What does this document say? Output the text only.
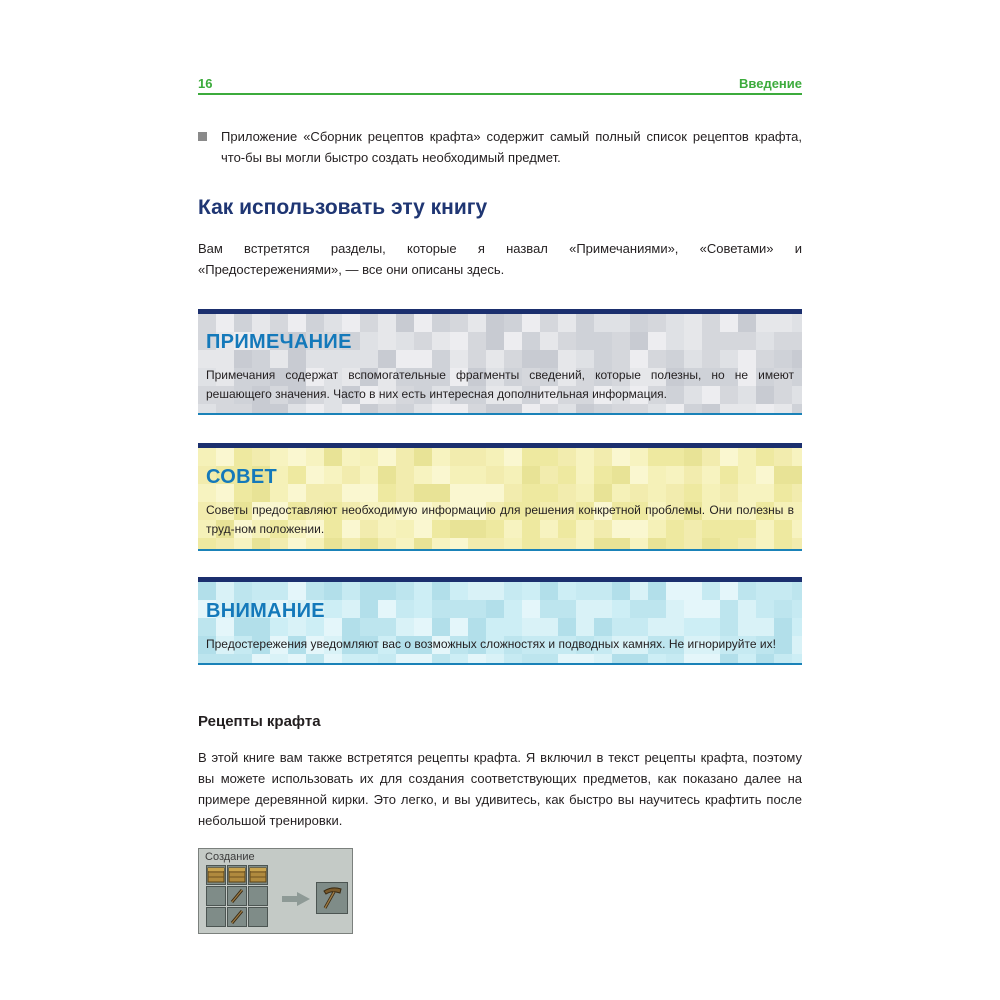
16	Введение
Приложение «Сборник рецептов крафта» содержит самый полный список рецептов крафта, что-бы вы могли быстро создать необходимый предмет.
Как использовать эту книгу
Вам встретятся разделы, которые я назвал «Примечаниями», «Советами» и «Предостережениями», — все они описаны здесь.
ПРИМЕЧАНИЕ
Примечания содержат вспомогательные фрагменты сведений, которые полезны, но не имеют решающего значения. Часто в них есть интересная дополнительная информация.
СОВЕТ
Советы предоставляют необходимую информацию для решения конкретной проблемы. Они полезны в труд-ном положении.
ВНИМАНИЕ
Предостережения уведомляют вас о возможных сложностях и подводных камнях. Не игнорируйте их!
Рецепты крафта
В этой книге вам также встретятся рецепты крафта. Я включил в текст рецепты крафта, поэтому вы можете использовать их для создания соответствующих предметов, как показано далее на примере деревянной кирки. Это легко, и вы удивитесь, как быстро вы научитесь крафтить после небольшой тренировки.
Создание
